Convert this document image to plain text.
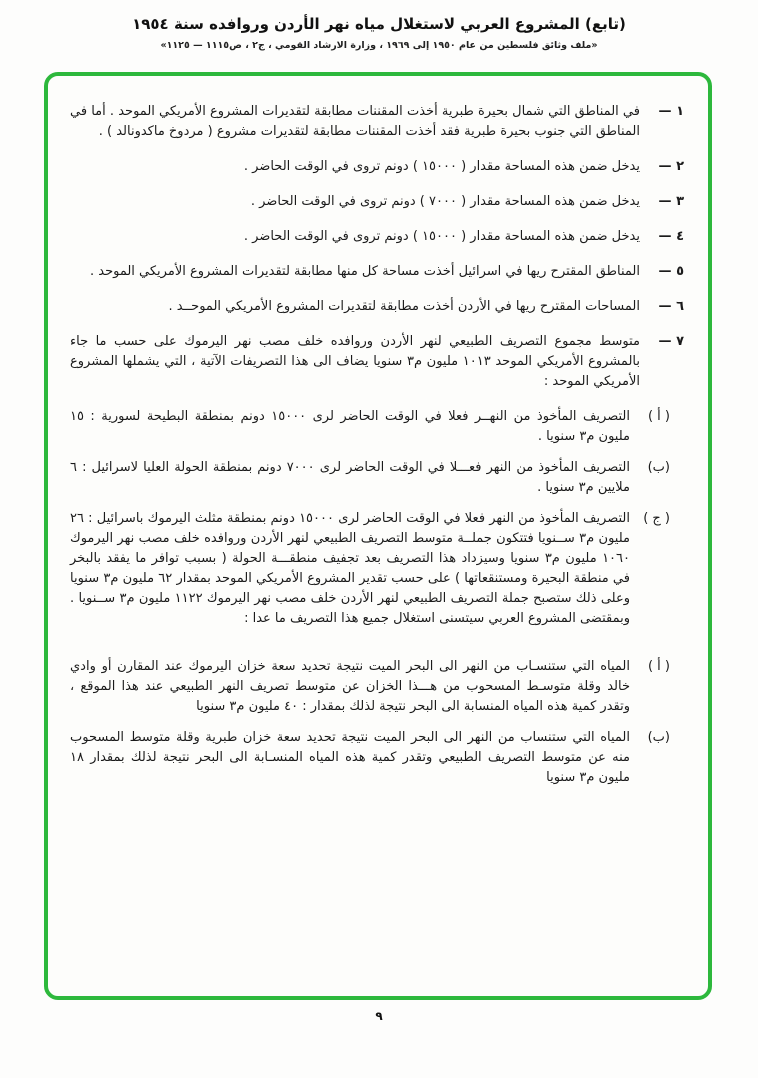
(تابع) المشروع العربي لاستغلال مياه نهر الأردن وروافده سنة ١٩٥٤
«ملف وثائق فلسطين من عام ١٩٥٠ إلى ١٩٦٩ ، وزارة الارشاد القومي ، ج٢ ، ص١١١٥ — ١١٢٥»
١ —
في المناطق التي شمال بحيرة طبرية أخذت المقننات مطابقة لتقديرات المشروع الأمريكي الموحد . أما في المناطق التي جنوب بحيرة طبرية فقد أخذت المقننات مطابقة لتقديرات مشروع ( مردوخ ماكدونالد ) .
٢ —
يدخل ضمن هذه المساحة مقدار ( ١٥٠٠٠ ) دونم تروى في الوقت الحاضر .
٣ —
يدخل ضمن هذه المساحة مقدار ( ٧٠٠٠ ) دونم تروى في الوقت الحاضر .
٤ —
يدخل ضمن هذه المساحة مقدار ( ١٥٠٠٠ ) دونم تروى في الوقت الحاضر .
٥ —
المناطق المقترح ريها في اسرائيل أخذت مساحة كل منها مطابقة لتقديرات المشروع الأمريكي الموحد .
٦ —
المساحات المقترح ريها في الأردن أخذت مطابقة لتقديرات المشروع الأمريكي الموحــد .
٧ —
متوسط مجموع التصريف الطبيعي لنهر الأردن وروافده خلف مصب نهر اليرموك على حسب ما جاء بالمشروع الأمريكي الموحد ١٠١٣ مليون م٣ سنويا يضاف الى هذا التصريفات الآتية ، التي يشملها المشروع الأمريكي الموحد :
( أ )
التصريف المأخوذ من النهــر فعلا في الوقت الحاضر لرى ١٥٠٠٠ دونم بمنطقة البطيحة لسورية : ١٥ مليون م٣ سنويا .
(ب)
التصريف المأخوذ من النهر فعـــلا في الوقت الحاضر لرى ٧٠٠٠ دونم بمنطقة الحولة العليا لاسرائيل : ٦ ملايين م٣ سنويا .
( ج )
التصريف المأخوذ من النهر فعلا في الوقت الحاضر لرى ١٥٠٠٠ دونم بمنطقة مثلث اليرموك باسرائيل : ٢٦ مليون م٣ ســنويا فتتكون جملــة متوسط التصريف الطبيعي لنهر الأردن وروافده خلف مصب نهر اليرموك ١٠٦٠ مليون م٣ سنويا وسيزداد هذا التصريف بعد تجفيف منطقـــة الحولة ( بسبب توافر ما يفقد بالبخر في منطقة البحيرة ومستنقعاتها ) على حسب تقدير المشروع الأمريكي الموحد بمقدار ٦٢ مليون م٣ سنويا وعلى ذلك ستصبح جملة التصريف الطبيعي لنهر الأردن خلف مصب نهر اليرموك ١١٢٢ مليون م٣ ســنويا . وبمقتضى المشروع العربي سيتسنى استغلال جميع هذا التصريف ما عدا :
( أ )
المياه التي ستنسـاب من النهر الى البحر الميت نتيجة تحديد سعة خزان اليرموك عند المقارن أو وادي خالد وقلة متوسـط المسحوب من هـــذا الخزان عن متوسط تصريف النهر الطبيعي عند هذا الموقع ، وتقدر كمية هذه المياه المنسابة الى البحر نتيجة لذلك بمقدار : ٤٠ مليون م٣ سنويا
(ب)
المياه التي ستنساب من النهر الى البحر الميت نتيجة تحديد سعة خزان طبرية وقلة متوسط المسحوب منه عن متوسط التصريف الطبيعي وتقدر كمية هذه المياه المنسـابة الى البحر نتيجة لذلك بمقدار ١٨ مليون م٣ سنويا
٩
